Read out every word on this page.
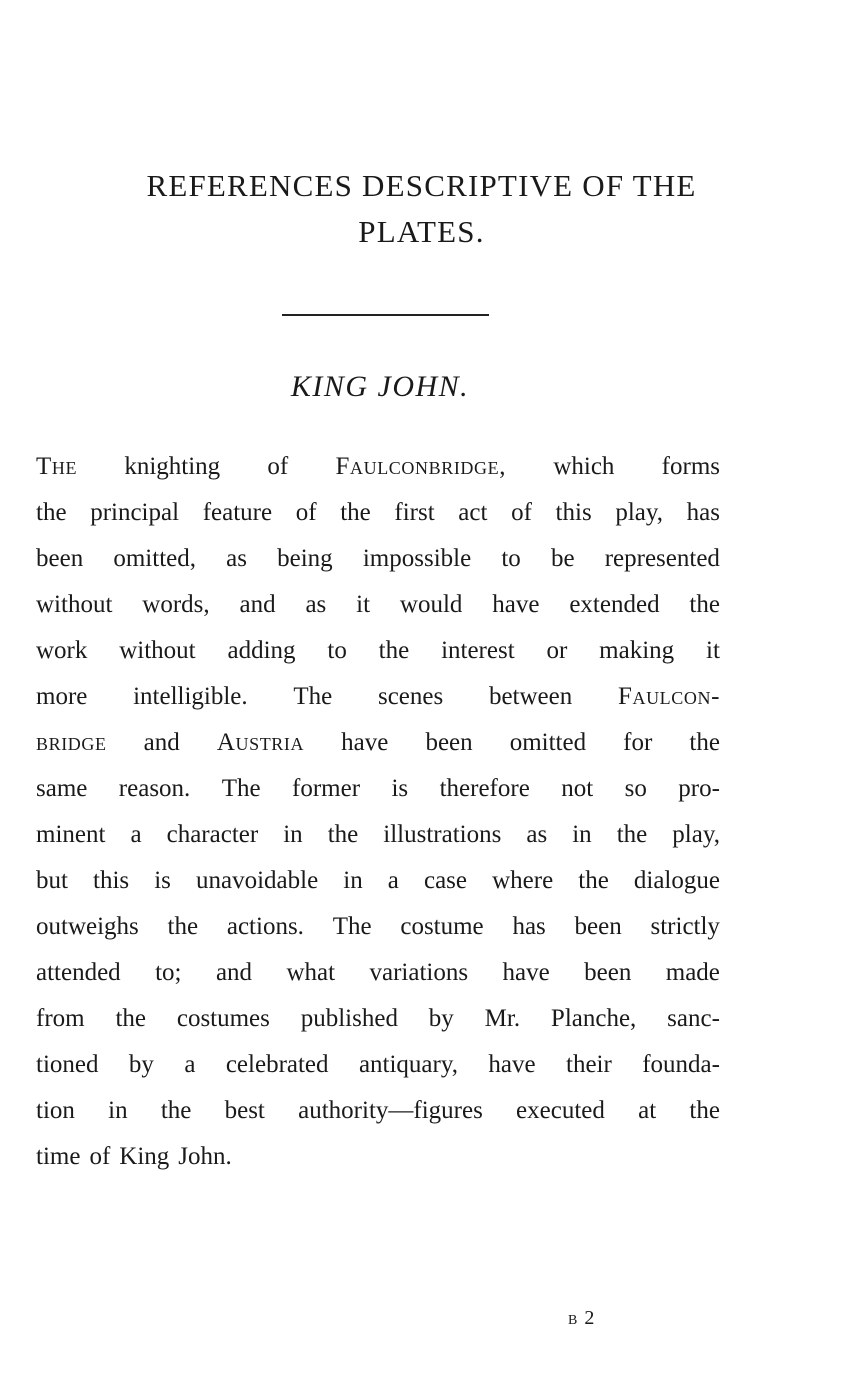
REFERENCES DESCRIPTIVE OF THE
PLATES.
KING JOHN.
The knighting of Faulconbridge, which forms
the principal feature of the first act of this play, has
been omitted, as being impossible to be represented
without words, and as it would have extended the
work without adding to the interest or making it
more intelligible. The scenes between Faulcon-
bridge and Austria have been omitted for the
same reason. The former is therefore not so pro-
minent a character in the illustrations as in the play,
but this is unavoidable in a case where the dialogue
outweighs the actions. The costume has been strictly
attended to; and what variations have been made
from the costumes published by Mr. Planche, sanc-
tioned by a celebrated antiquary, have their founda-
tion in the best authority—figures executed at the
time of King John.
B 2
